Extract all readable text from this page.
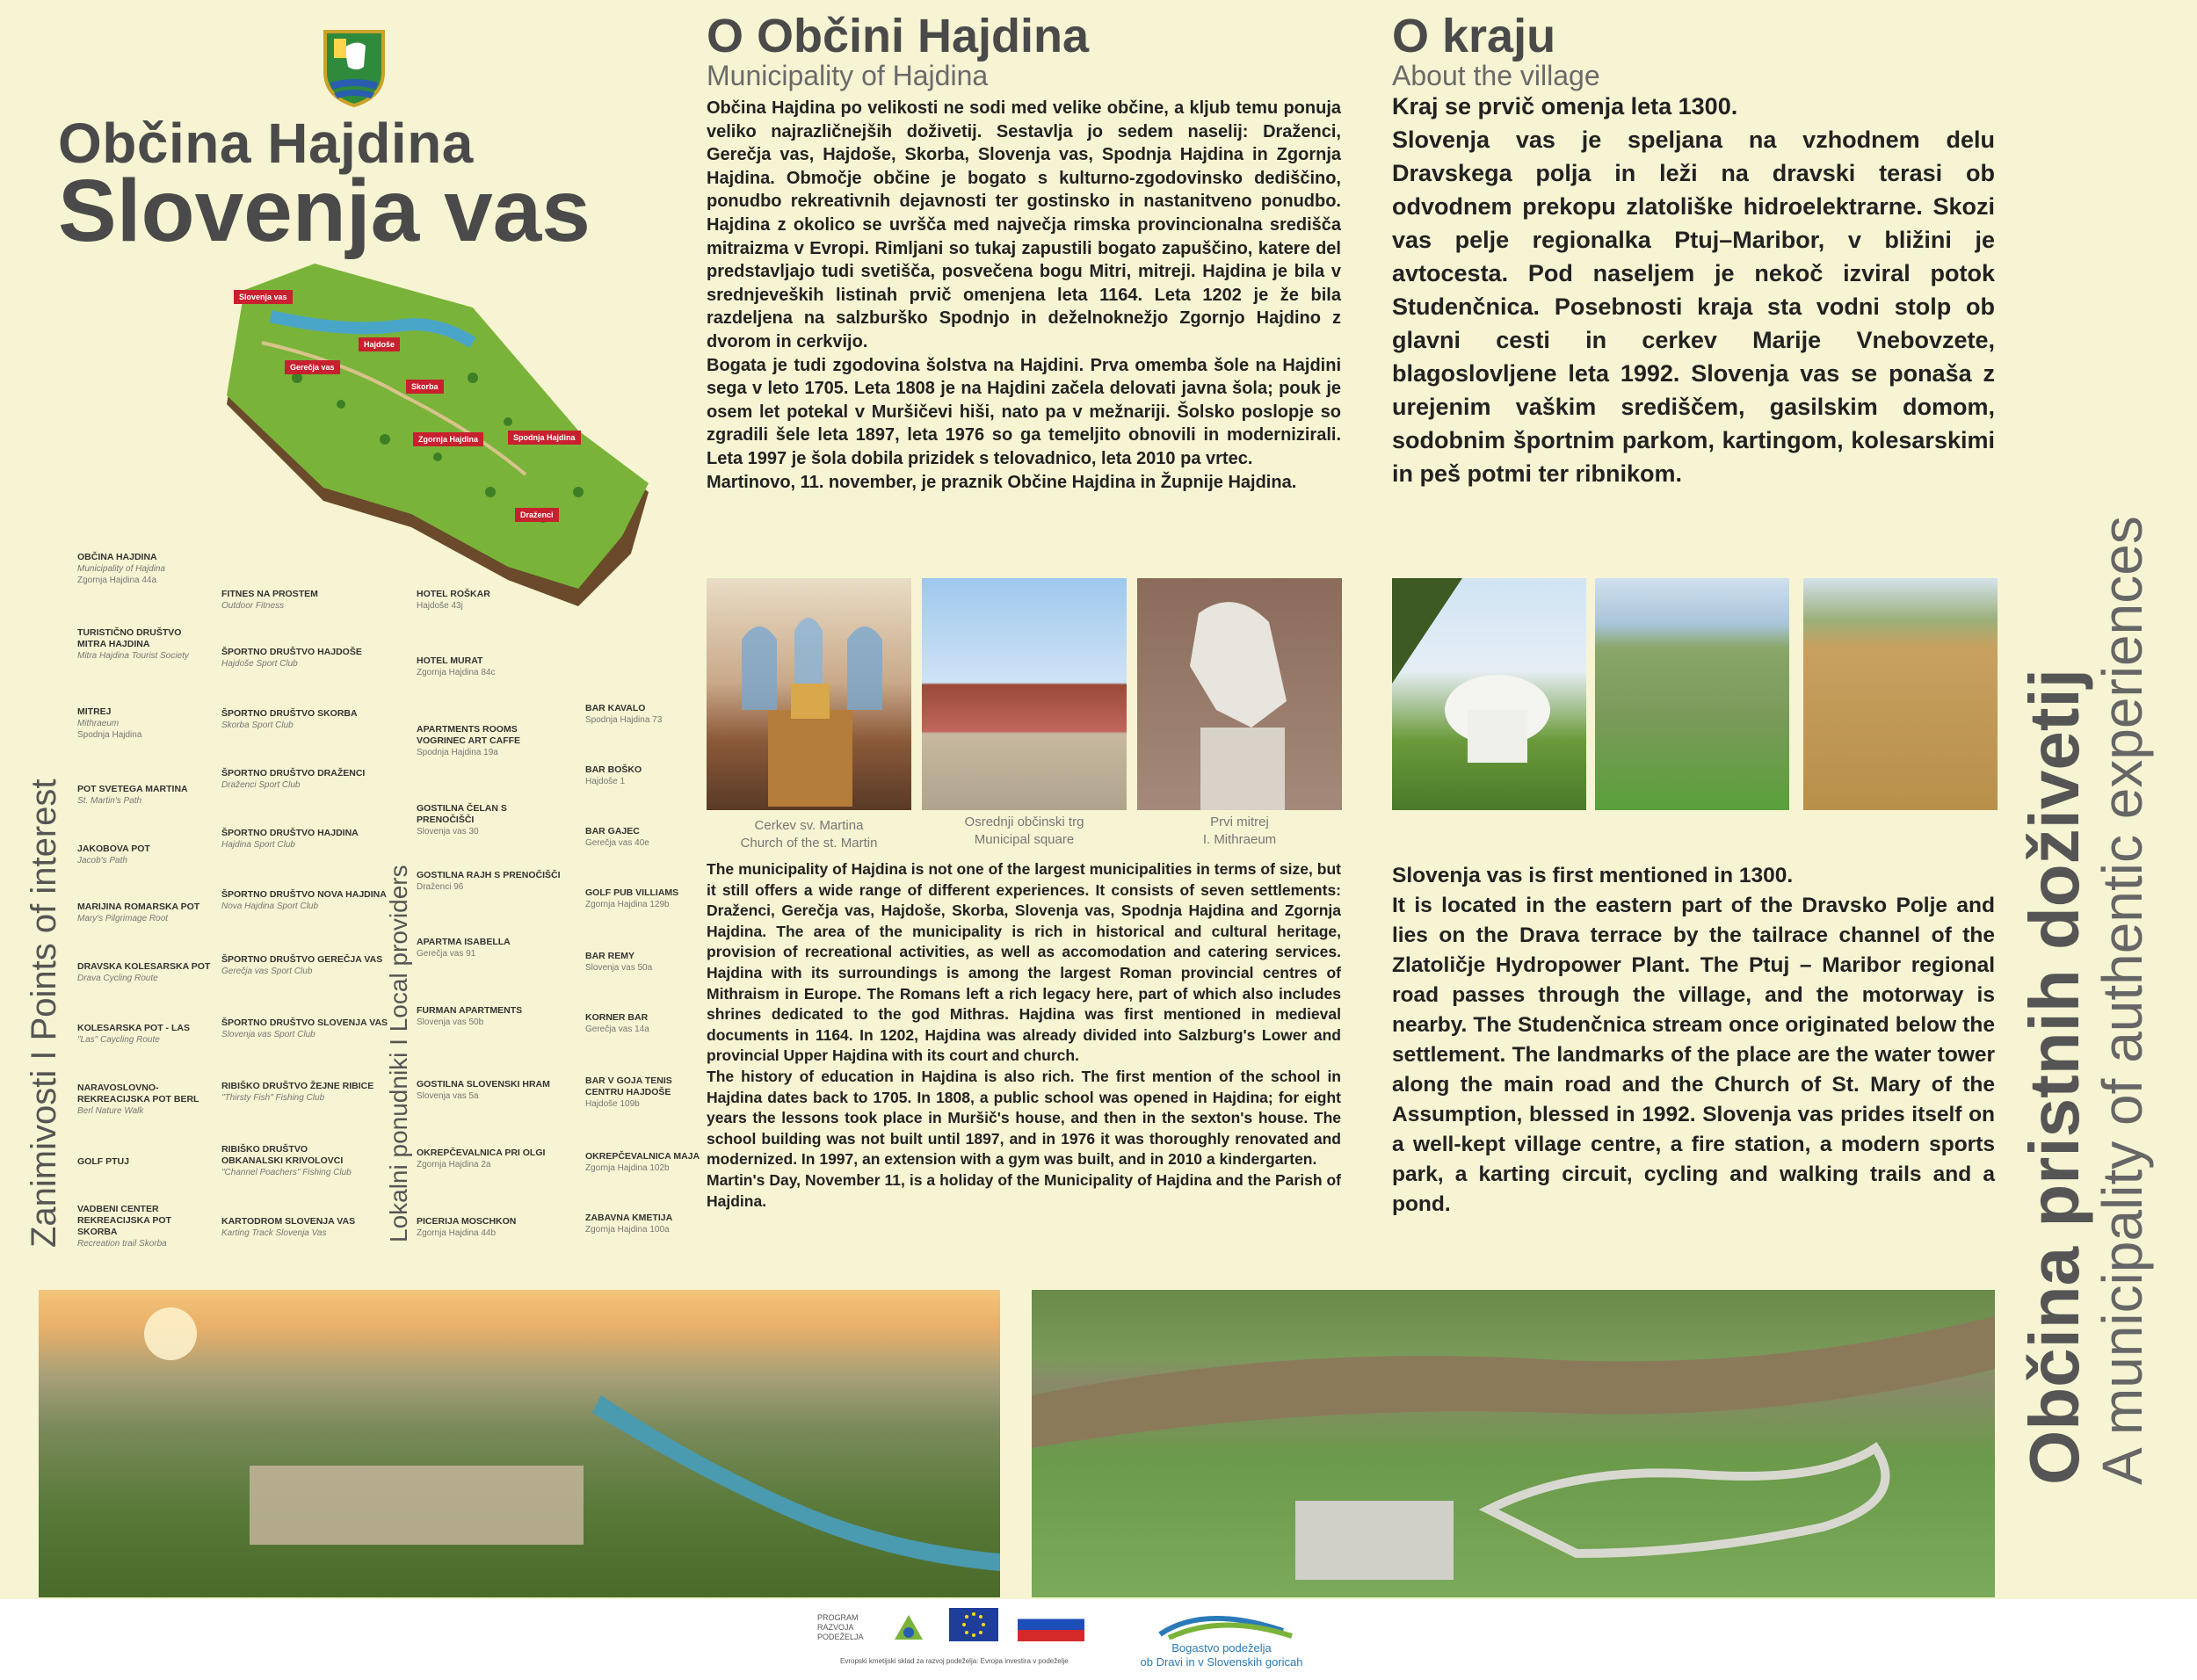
Občina Hajdina
Slovenja vas
Slovenja vas
Hajdoše
Gerečja vas
Skorba
Zgornja Hajdina	Spodnja Hajdina
Draženci
Zanimivosti I Points of interest	Lokalni ponudniki I Local providers
OBČINA HAJDINA
Municipality of Hajdina
Zgornja Hajdina 44a
TURISTIČNO DRUŠTVO MITRA HAJDINA
Mitra Hajdina Tourist Society
MITREJ
Mithraeum
Spodnja Hajdina
POT SVETEGA MARTINA
St. Martin's Path
JAKOBOVA POT
Jacob's Path
MARIJINA ROMARSKA POT
Mary's Pilgrimage Root
DRAVSKA KOLESARSKA POT
Drava Cycling Route
KOLESARSKA POT - LAS
"Las" Caycling Route
NARAVOSLOVNO-REKREACIJSKA POT BERL
Berl Nature Walk
GOLF PTUJ
VADBENI CENTER REKREACIJSKA POT SKORBA
Recreation trail Skorba
FITNES NA PROSTEM
Outdoor Fitness
ŠPORTNO DRUŠTVO HAJDOŠE
Hajdoše Sport Club
ŠPORTNO DRUŠTVO SKORBA
Skorba Sport Club
ŠPORTNO DRUŠTVO DRAŽENCI
Draženci Sport Club
ŠPORTNO DRUŠTVO HAJDINA
Hajdina Sport Club
ŠPORTNO DRUŠTVO NOVA HAJDINA
Nova Hajdina Sport Club
ŠPORTNO DRUŠTVO GEREČJA VAS
Gerečja vas Sport Club
ŠPORTNO DRUŠTVO SLOVENJA VAS
Slovenja vas Sport Club
RIBIŠKO DRUŠTVO ŽEJNE RIBICE
"Thirsty Fish" Fishing Club
RIBIŠKO DRUŠTVO OBKANALSKI KRIVOLOVCI
"Channel Poachers" Fishing Club
KARTODROM SLOVENJA VAS
Karting Track Slovenja Vas
HOTEL ROŠKAR
Hajdoše 43j
HOTEL MURAT
Zgornja Hajdina 84c
APARTMENTS ROOMS VOGRINEC ART CAFFE
Spodnja Hajdina 19a
GOSTILNA ČELAN S PRENOČIŠČI
Slovenja vas 30
GOSTILNA RAJH S PRENOČIŠČI
Draženci 96
APARTMA ISABELLA
Gerečja vas 91
FURMAN APARTMENTS
Slovenja vas 50b
GOSTILNA SLOVENSKI HRAM
Slovenja vas 5a
OKREPČEVALNICA PRI OLGI
Zgornja Hajdina 2a
PICERIJA MOSCHKON
Zgornja Hajdina 44b
BAR KAVALO
Spodnja Hajdina 73
BAR BOŠKO
Hajdoše 1
BAR GAJEC
Gerečja vas 40e
GOLF PUB VILLIAMS
Zgornja Hajdina 129b
BAR REMY
Slovenja vas 50a
KORNER BAR
Gerečja vas 14a
BAR V GOJA TENIS CENTRU HAJDOŠE
Hajdoše 109b
OKREPČEVALNICA MAJA
Zgornja Hajdina 102b
ZABAVNA KMETIJA
Zgornja Hajdina 100a
O Občini Hajdina
Municipality of Hajdina
Občina Hajdina po velikosti ne sodi med velike občine, a kljub temu ponuja veliko najrazličnejših doživetij. Sestavlja jo sedem naselij: Draženci, Gerečja vas, Hajdoše, Skorba, Slovenja vas, Spodnja Hajdina in Zgornja Hajdina. Območje občine je bogato s kulturno-zgodovinsko dediščino, ponudbo rekreativnih dejavnosti ter gostinsko in nastanitveno ponudbo. Hajdina z okolico se uvršča med največja rimska provincionalna središča mitraizma v Evropi. Rimljani so tukaj zapustili bogato zapuščino, katere del predstavljajo tudi svetišča, posvečena bogu Mitri, mitreji. Hajdina je bila v srednjeveških listinah prvič omenjena leta 1164. Leta 1202 je že bila razdeljena na salzburško Spodnjo in deželnoknežjo Zgornjo Hajdino z dvorom in cerkvijo.
Bogata je tudi zgodovina šolstva na Hajdini. Prva omemba šole na Hajdini sega v leto 1705. Leta 1808 je na Hajdini začela delovati javna šola; pouk je osem let potekal v Muršičevi hiši, nato pa v mežnariji. Šolsko poslopje so zgradili šele leta 1897, leta 1976 so ga temeljito obnovili in modernizirali. Leta 1997 je šola dobila prizidek s telovadnico, leta 2010 pa vrtec.
Martinovo, 11. november, je praznik Občine Hajdina in Župnije Hajdina.
Cerkev sv. Martina
Church of the st. Martin
Osrednji občinski trg
Municipal square
Prvi mitrej
I. Mithraeum
The municipality of Hajdina is not one of the largest municipalities in terms of size, but it still offers a wide range of different experiences. It consists of seven settlements: Draženci, Gerečja vas, Hajdoše, Skorba, Slovenja vas, Spodnja Hajdina and Zgornja Hajdina. The area of the municipality is rich in historical and cultural heritage, provision of recreational activities, as well as accomodation and catering services. Hajdina with its surroundings is among the largest Roman provincial centres of Mithraism in Europe. The Romans left a rich legacy here, part of which also includes shrines dedicated to the god Mithras. Hajdina was first mentioned in medieval documents in 1164. In 1202, Hajdina was already divided into Salzburg's Lower and provincial Upper Hajdina with its court and church.
The history of education in Hajdina is also rich. The first mention of the school in Hajdina dates back to 1705. In 1808, a public school was opened in Hajdina; for eight years the lessons took place in Muršič's house, and then in the sexton's house. The school building was not built until 1897, and in 1976 it was thoroughly renovated and modernized. In 1997, an extension with a gym was built, and in 2010 a kindergarten.
Martin's Day, November 11, is a holiday of the Municipality of Hajdina and the Parish of Hajdina.
O kraju
About the village
Kraj se prvič omenja leta 1300.
Slovenja vas je speljana na vzhodnem delu Dravskega polja in leži na dravski terasi ob odvodnem prekopu zlatoliške hidroelektrarne. Skozi vas pelje regionalka Ptuj–Maribor, v bližini je avtocesta. Pod naseljem je nekoč izviral potok Studenčnica. Posebnosti kraja sta vodni stolp ob glavni cesti in cerkev Marije Vnebovzete, blagoslovljene leta 1992. Slovenja vas se ponaša z urejenim vaškim središčem, gasilskim domom, sodobnim športnim parkom, kartingom, kolesarskimi in peš potmi ter ribnikom.
Slovenja vas is first mentioned in 1300.
It is located in the eastern part of the Dravsko Polje and lies on the Drava terrace by the tailrace channel of the Zlatoličje Hydropower Plant. The Ptuj – Maribor regional road passes through the village, and the motorway is nearby. The Studenčnica stream once originated below the settlement. The landmarks of the place are the water tower along the main road and the Church of St. Mary of the Assumption, blessed in 1992. Slovenja vas prides itself on a well-kept village centre, a fire station, a modern sports park, a karting circuit, cycling and walking trails and a pond.	Občina pristnih doživetij
A municipality of authentic experiences
PROGRAM RAZVOJA PODEŽELJA
Evropski kmetijski sklad za razvoj podeželja: Evropa investira v podeželje
Bogastvo podeželja
ob Dravi in v Slovenskih goricah
